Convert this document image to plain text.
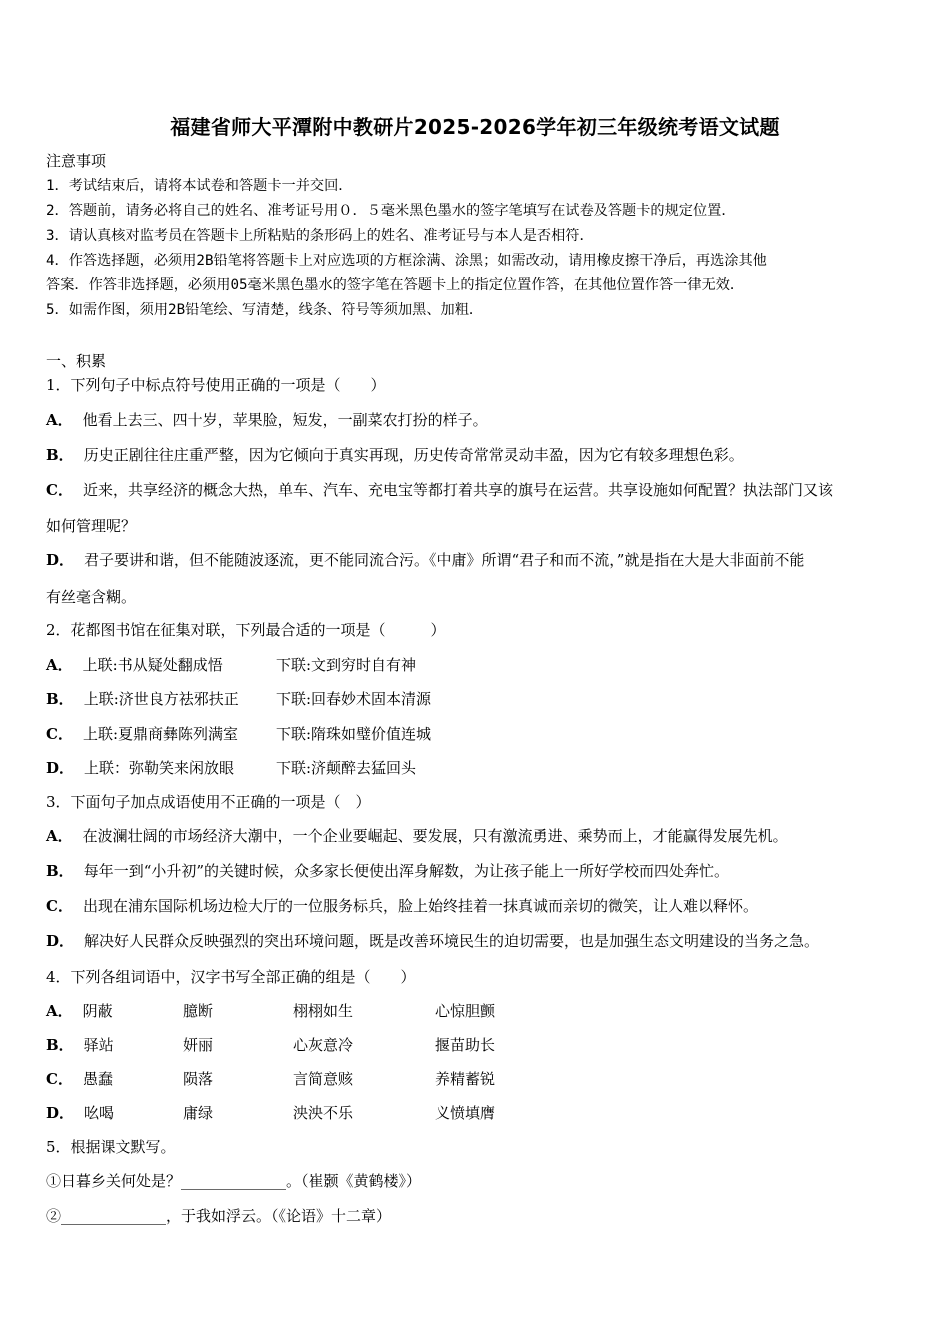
福建省师大平潭附中教研片2025-2026学年初三年级统考语文试题
注意事项
1．考试结束后，请将本试卷和答题卡一并交回．
2．答题前，请务必将自己的姓名、准考证号用０．５毫米黑色墨水的签字笔填写在试卷及答题卡的规定位置．
3．请认真核对监考员在答题卡上所粘贴的条形码上的姓名、准考证号与本人是否相符．
4．作答选择题，必须用2B铅笔将答题卡上对应选项的方框涂满、涂黑；如需改动，请用橡皮擦干净后，再选涂其他
答案．作答非选择题，必须用05毫米黑色墨水的签字笔在答题卡上的指定位置作答，在其他位置作答一律无效．
5．如需作图，须用2B铅笔绘、写清楚，线条、符号等须加黑、加粗．
一、积累
1．下列句子中标点符号使用正确的一项是（　　）
A． 他看上去三、四十岁，苹果脸，短发，一副菜农打扮的样子。
B． 历史正剧往往庄重严整，因为它倾向于真实再现，历史传奇常常灵动丰盈，因为它有较多理想色彩。
C． 近来，共享经济的概念大热，单车、汽车、充电宝等都打着共享的旗号在运营。共享设施如何配置？执法部门又该
如何管理呢？
D． 君子要讲和谐，但不能随波逐流，更不能同流合污。《中庸》所谓“君子和而不流，”就是指在大是大非面前不能
有丝毫含糊。
2．花都图书馆在征集对联，下列最合适的一项是（　　　）
A． 上联:书从疑处翻成悟	下联:文到穷时自有神
B． 上联:济世良方祛邪扶正 下联:回春妙术固本清源
C． 上联:夏鼎商彝陈列满室	下联:隋珠如璧价值连城
D． 上联：弥勒笑来闲放眼	下联:济颠醉去猛回头
3．下面句子加点成语使用不正确的一项是（　）
A． 在波澜壮阔的市场经济大潮中，一个企业要崛起、要发展，只有激流勇进、乘势而上，才能赢得发展先机。
B． 每年一到“小升初”的关键时候，众多家长便使出浑身解数，为让孩子能上一所好学校而四处奔忙。
C． 出现在浦东国际机场边检大厅的一位服务标兵，脸上始终挂着一抹真诚而亲切的微笑，让人难以释怀。
D． 解决好人民群众反映强烈的突出环境问题，既是改善环境民生的迫切需要，也是加强生态文明建设的当务之急。
4．下列各组词语中，汉字书写全部正确的组是（　　）
A． 阴蔽	臆断	栩栩如生	心惊胆颤
B． 驿站	妍丽	心灰意冷	揠苗助长
C． 愚蠢	陨落	言简意赅	养精蓄锐
D． 吆喝	庸绿	泱泱不乐	义愤填膺
5．根据课文默写。
①日暮乡关何处是？______________。（崔颢《黄鹤楼》）
②______________，于我如浮云。（《论语》十二章）
